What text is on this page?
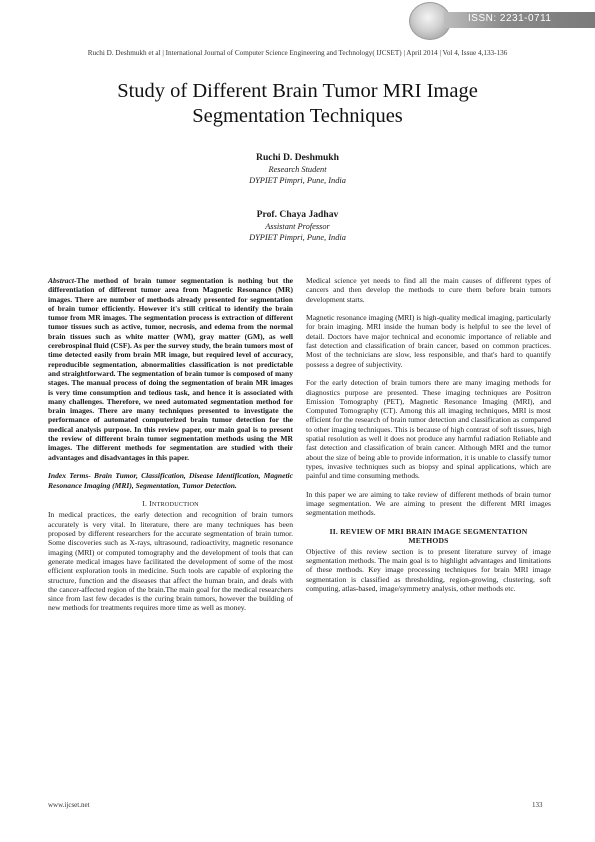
ISSN: 2231-0711
Ruchi D. Deshmukh et al | International Journal of Computer Science Engineering and Technology( IJCSET) | April 2014 | Vol 4, Issue 4,133-136
Study of Different Brain Tumor MRI Image
Segmentation Techniques
Ruchi D. Deshmukh
Research Student
DYPIET Pimpri, Pune, India
Prof. Chaya Jadhav
Assistant Professor
DYPIET Pimpri, Pune, India

Abstract-The method of brain tumor segmentation is nothing but the differentiation of different tumor area from Magnetic Resonance (MR) images. There are number of methods already presented for segmentation of brain tumor efficiently. However it's still critical to identify the brain tumor from MR images. The segmentation process is extraction of different tumor tissues such as active, tumor, necrosis, and edema from the normal brain tissues such as white matter (WM), gray matter (GM), as well cerebrospinal fluid (CSF). As per the survey study, the brain tumors most of time detected easily from brain MR image, but required level of accuracy, reproducible segmentation, abnormalities classification is not predictable and straightforward. The segmentation of brain tumor is composed of many stages. The manual process of doing the segmentation of brain MR images is very time consumption and tedious task, and hence it is associated with many challenges. Therefore, we need automated segmentation method for brain images. There are many techniques presented to investigate the performance of automated computerized brain tumor detection for the medical analysis purpose. In this review paper, our main goal is to present the review of different brain tumor segmentation methods using the MR images. The different methods for segmentation are studied with their advantages and disadvantages in this paper.

Index Terms- Brain Tumor, Classification, Disease Identification, Magnetic Resonance Imaging (MRI), Segmentation, Tumor Detection.

I. INTRODUCTION

In medical practices, the early detection and recognition of brain tumors accurately is very vital. In literature, there are many techniques has been proposed by different researchers for the accurate segmentation of brain tumor. Some discoveries such as X-rays, ultrasound, radioactivity, magnetic resonance imaging (MRI) or computed tomography and the development of tools that can generate medical images have facilitated the development of some of the most efficient exploration tools in medicine. Such tools are capable of exploring the structure, function and the diseases that affect the human brain, and deals with the cancer-affected region of the brain.The main goal for the medical researchers since from last few decades is the curing brain tumors, however the building of new methods for treatments requires more time as well as money.

Medical science yet needs to find all the main causes of different types of cancers and then develop the methods to cure them before brain tumors development starts.

Magnetic resonance imaging (MRI) is high-quality medical imaging, particularly for brain imaging. MRI inside the human body is helpful to see the level of detail. Doctors have major technical and economic importance of reliable and fast detection and classification of brain cancer, based on common practices. Most of the technicians are slow, less responsible, and that's hard to quantify possess a degree of subjectivity.

For the early detection of brain tumors there are many imaging methods for diagnostics purpose are presented. These imaging techniques are Positron Emission Tomography (PET), Magnetic Resonance Imaging (MRI), and Computed Tomography (CT). Among this all imaging techniques, MRI is most efficient for the research of brain tumor detection and classification as compared to other imaging techniques. This is because of high contrast of soft tissues, high spatial resolution as well it does not produce any harmful radiation Reliable and fast detection and classification of brain cancer. Although MRI and the tumor about the size of being able to provide information, it is unable to classify tumor types, invasive techniques such as biopsy and spinal applications, which are painful and time consuming methods.

In this paper we are aiming to take review of different methods of brain tumor image segmentation. We are aiming to present the different MRI images segmentation methods.

II. REVIEW OF MRI BRAIN IMAGE SEGMENTATION
METHODS

Objective of this review section is to present literature survey of image segmentation methods. The main goal is to highlight advantages and limitations of these methods. Key image processing techniques for brain MRI image segmentation is classified as thresholding, region-growing, clustering, soft computing, atlas-based, image/symmetry analysis, other methods etc.

www.ijcset.net	133
